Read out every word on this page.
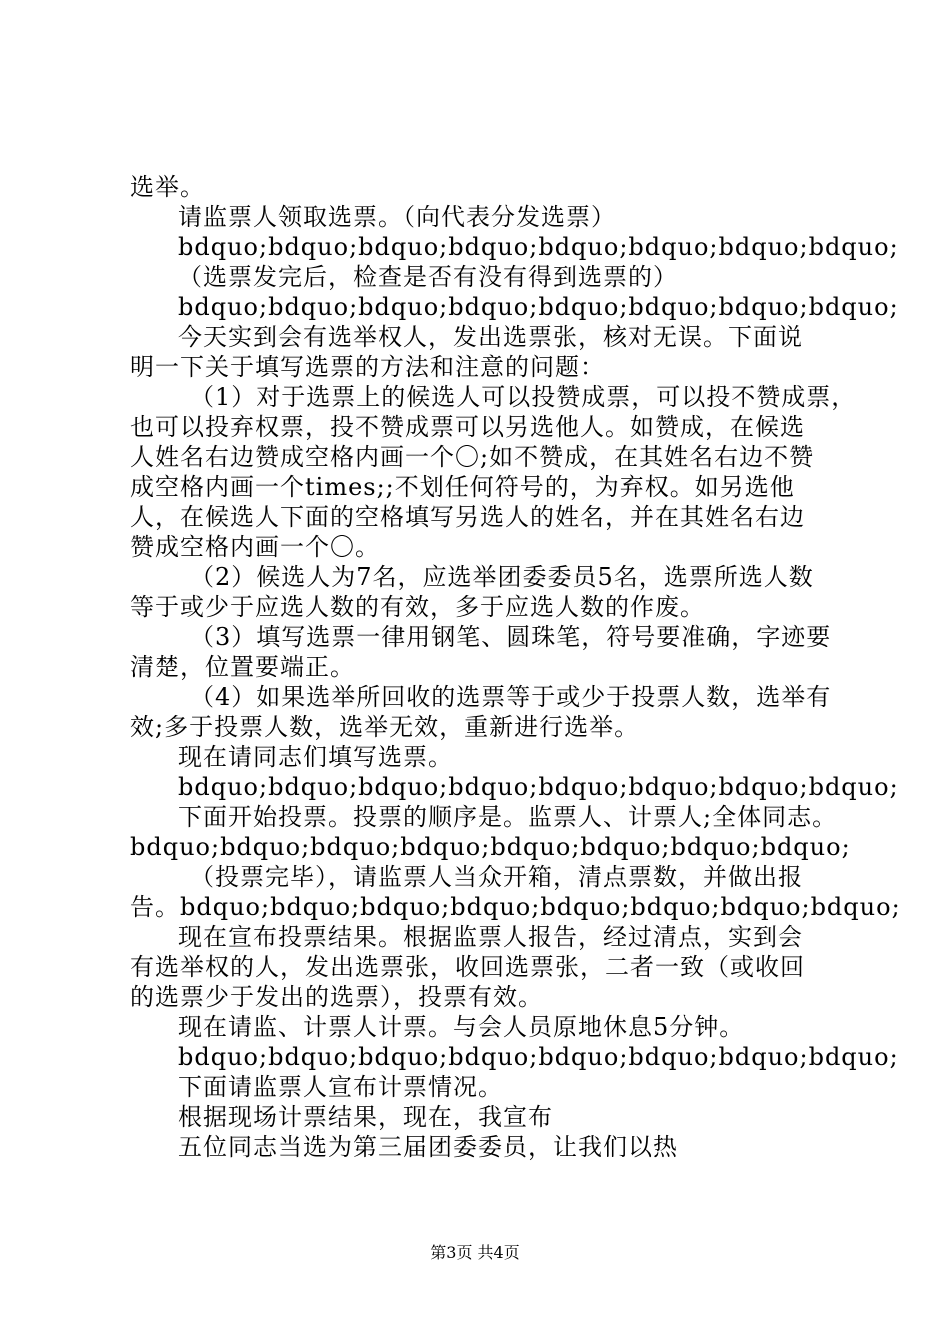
选举。
请监票人领取选票。（向代表分发选票）
bdquo;bdquo;bdquo;bdquo;bdquo;bdquo;bdquo;bdquo;
（选票发完后，检查是否有没有得到选票的）
bdquo;bdquo;bdquo;bdquo;bdquo;bdquo;bdquo;bdquo;
今天实到会有选举权人，发出选票张，核对无误。下面说
明一下关于填写选票的方法和注意的问题：
（1）对于选票上的候选人可以投赞成票，可以投不赞成票，
也可以投弃权票，投不赞成票可以另选他人。如赞成，在候选
人姓名右边赞成空格内画一个〇;如不赞成，在其姓名右边不赞
成空格内画一个times;;不划任何符号的，为弃权。如另选他
人，在候选人下面的空格填写另选人的姓名，并在其姓名右边
赞成空格内画一个〇。
（2）候选人为7名，应选举团委委员5名，选票所选人数
等于或少于应选人数的有效，多于应选人数的作废。
（3）填写选票一律用钢笔、圆珠笔，符号要准确，字迹要
清楚，位置要端正。
（4）如果选举所回收的选票等于或少于投票人数，选举有
效;多于投票人数，选举无效，重新进行选举。
现在请同志们填写选票。
bdquo;bdquo;bdquo;bdquo;bdquo;bdquo;bdquo;bdquo;
下面开始投票。投票的顺序是。监票人、计票人;全体同志。
bdquo;bdquo;bdquo;bdquo;bdquo;bdquo;bdquo;bdquo;
（投票完毕），请监票人当众开箱，清点票数，并做出报
告。bdquo;bdquo;bdquo;bdquo;bdquo;bdquo;bdquo;bdquo;
现在宣布投票结果。根据监票人报告，经过清点，实到会
有选举权的人，发出选票张，收回选票张，二者一致（或收回
的选票少于发出的选票），投票有效。
现在请监、计票人计票。与会人员原地休息5分钟。
bdquo;bdquo;bdquo;bdquo;bdquo;bdquo;bdquo;bdquo;
下面请监票人宣布计票情况。
根据现场计票结果，现在，我宣布
五位同志当选为第三届团委委员，让我们以热
第3页 共4页
